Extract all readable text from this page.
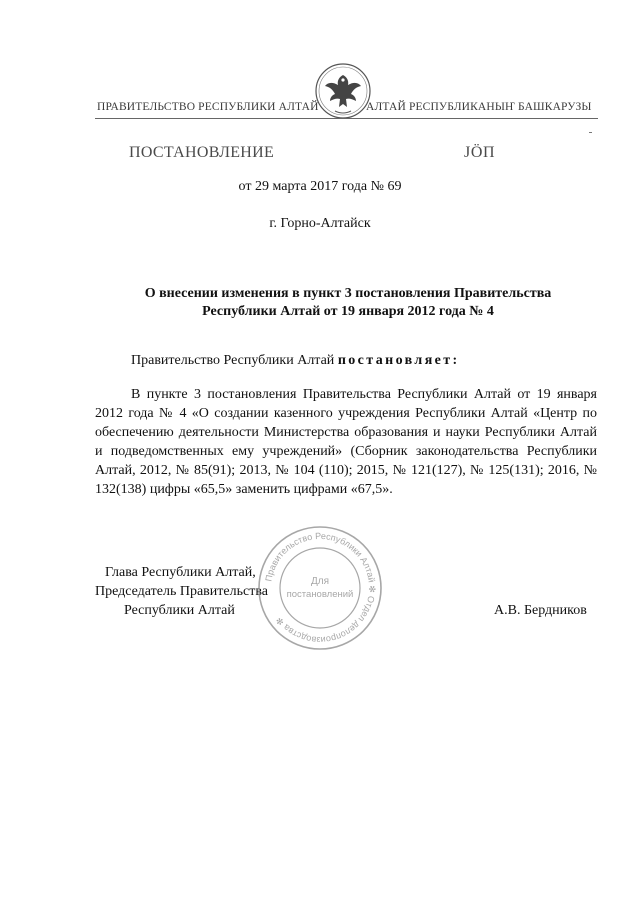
ПРАВИТЕЛЬСТВО РЕСПУБЛИКИ АЛТАЙ	АЛТАЙ РЕСПУБЛИКАНЫҤ БАШКАРУЗЫ
ПОСТАНОВЛЕНИЕ	ЈӦП
от 29 марта 2017 года № 69
г. Горно-Алтайск
О внесении изменения в пункт 3 постановления Правительства
Республики Алтай от 19 января 2012 года № 4
Правительство Республики Алтай постановляет:

В пункте 3 постановления Правительства Республики Алтай от 19 января 2012 года № 4 «О создании казенного учреждения Республики Алтай «Центр по обеспечению деятельности Министерства образования и науки Республики Алтай и подведомственных ему учреждений» (Сборник законодательства Республики Алтай, 2012, № 85(91); 2013, № 104 (110); 2015, № 121(127), № 125(131); 2016, № 132(138) цифры «65,5» заменить цифрами «67,5».

Глава Республики Алтай,
Председатель Правительства
Республики Алтай	А.В. Бердников
Правительство Республики Алтай ✻ Отдел делопроизводства ✻
Для
постановлений
